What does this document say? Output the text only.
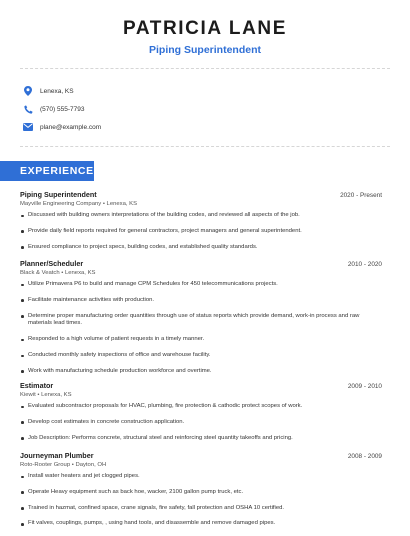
PATRICIA LANE
Piping Superintendent
Lenexa, KS
(570) 555-7793
plane@example.com
EXPERIENCE
Piping Superintendent	2020 - Present
Mayville Engineering Company • Lenexa, KS
Discussed with building owners interpretations of the building codes, and reviewed all aspects of the job.
Provide daily field reports required for general contractors, project managers and general superintendent.
Ensured compliance to project specs, building codes, and established quality standards.
Planner/Scheduler	2010 - 2020
Black & Veatch • Lenexa, KS
Utilize Primavera P6 to build and manage CPM Schedules for 450 telecommunications projects.
Facilitate maintenance activities with production.
Determine proper manufacturing order quantities through use of status reports which provide demand, work-in process and raw materials lead times.
Responded to a high volume of patient requests in a timely manner.
Conducted monthly safety inspections of office and warehouse facility.
Work with manufacturing schedule production workforce and overtime.
Estimator	2009 - 2010
Kiewit • Lenexa, KS
Evaluated subcontractor proposals for HVAC, plumbing, fire protection & cathodic protect scopes of work.
Develop cost estimates in concrete construction application.
Job Description: Performs concrete, structural steel and reinforcing steel quantity takeoffs and pricing.
Journeyman Plumber	2008 - 2009
Roto-Rooter Group • Dayton, OH
Install water heaters and jet clogged pipes.
Operate Heavy equipment such as back hoe, wacker, 2100 gallon pump truck, etc.
Trained in hazmat, confined space, crane signals, fire safety, fall protection and OSHA 10 certified.
Fit valves, couplings, pumps, , using hand tools, and disassemble and remove damaged pipes.
